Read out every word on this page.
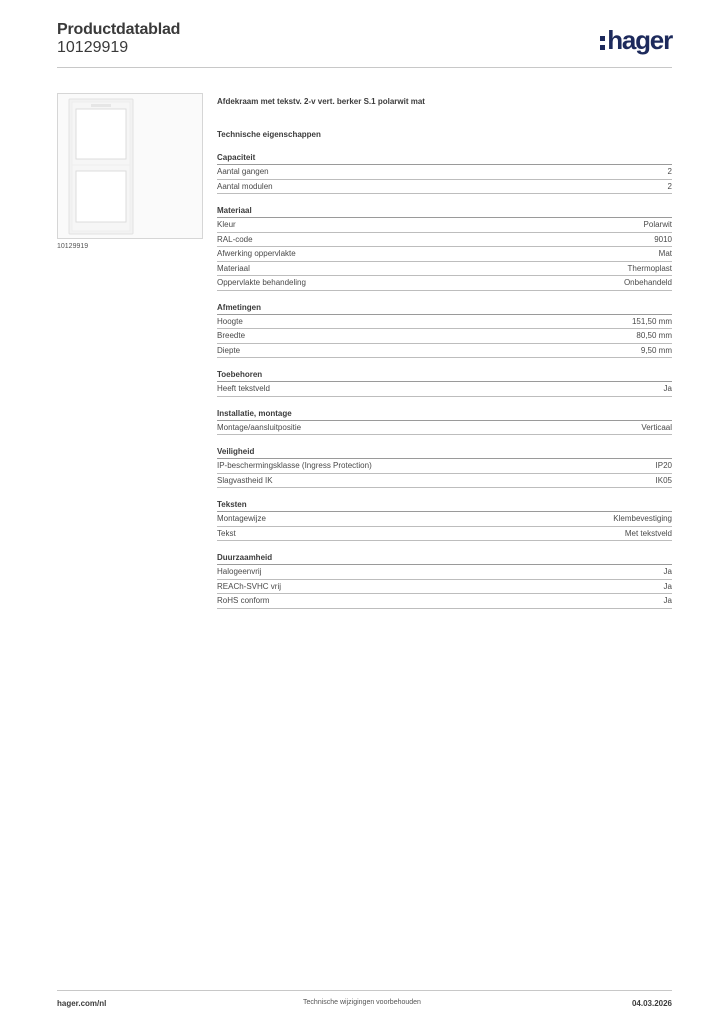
Productdatablad
10129919	hager
10129919
Afdekraam met tekstv. 2-v vert. berker S.1 polarwit mat
Technische eigenschappen
Capaciteit
Aantal gangen	2
Aantal modulen	2
Materiaal
Kleur	Polarwit
RAL-code	9010
Afwerking oppervlakte	Mat
Materiaal	Thermoplast
Oppervlakte behandeling	Onbehandeld
Afmetingen
Hoogte	151,50 mm
Breedte	80,50 mm
Diepte	9,50 mm
Toebehoren
Heeft tekstveld	Ja
Installatie, montage
Montage/aansluitpositie	Verticaal
Veiligheid
IP-beschermingsklasse (Ingress Protection)	IP20
Slagvastheid IK	IK05
Teksten
Montagewijze	Klembevestiging
Tekst	Met tekstveld
Duurzaamheid
Halogeenvrij	Ja
REACh-SVHC vrij	Ja
RoHS conform	Ja
hager.com/nl	Technische wijzigingen voorbehouden	04.03.2026
